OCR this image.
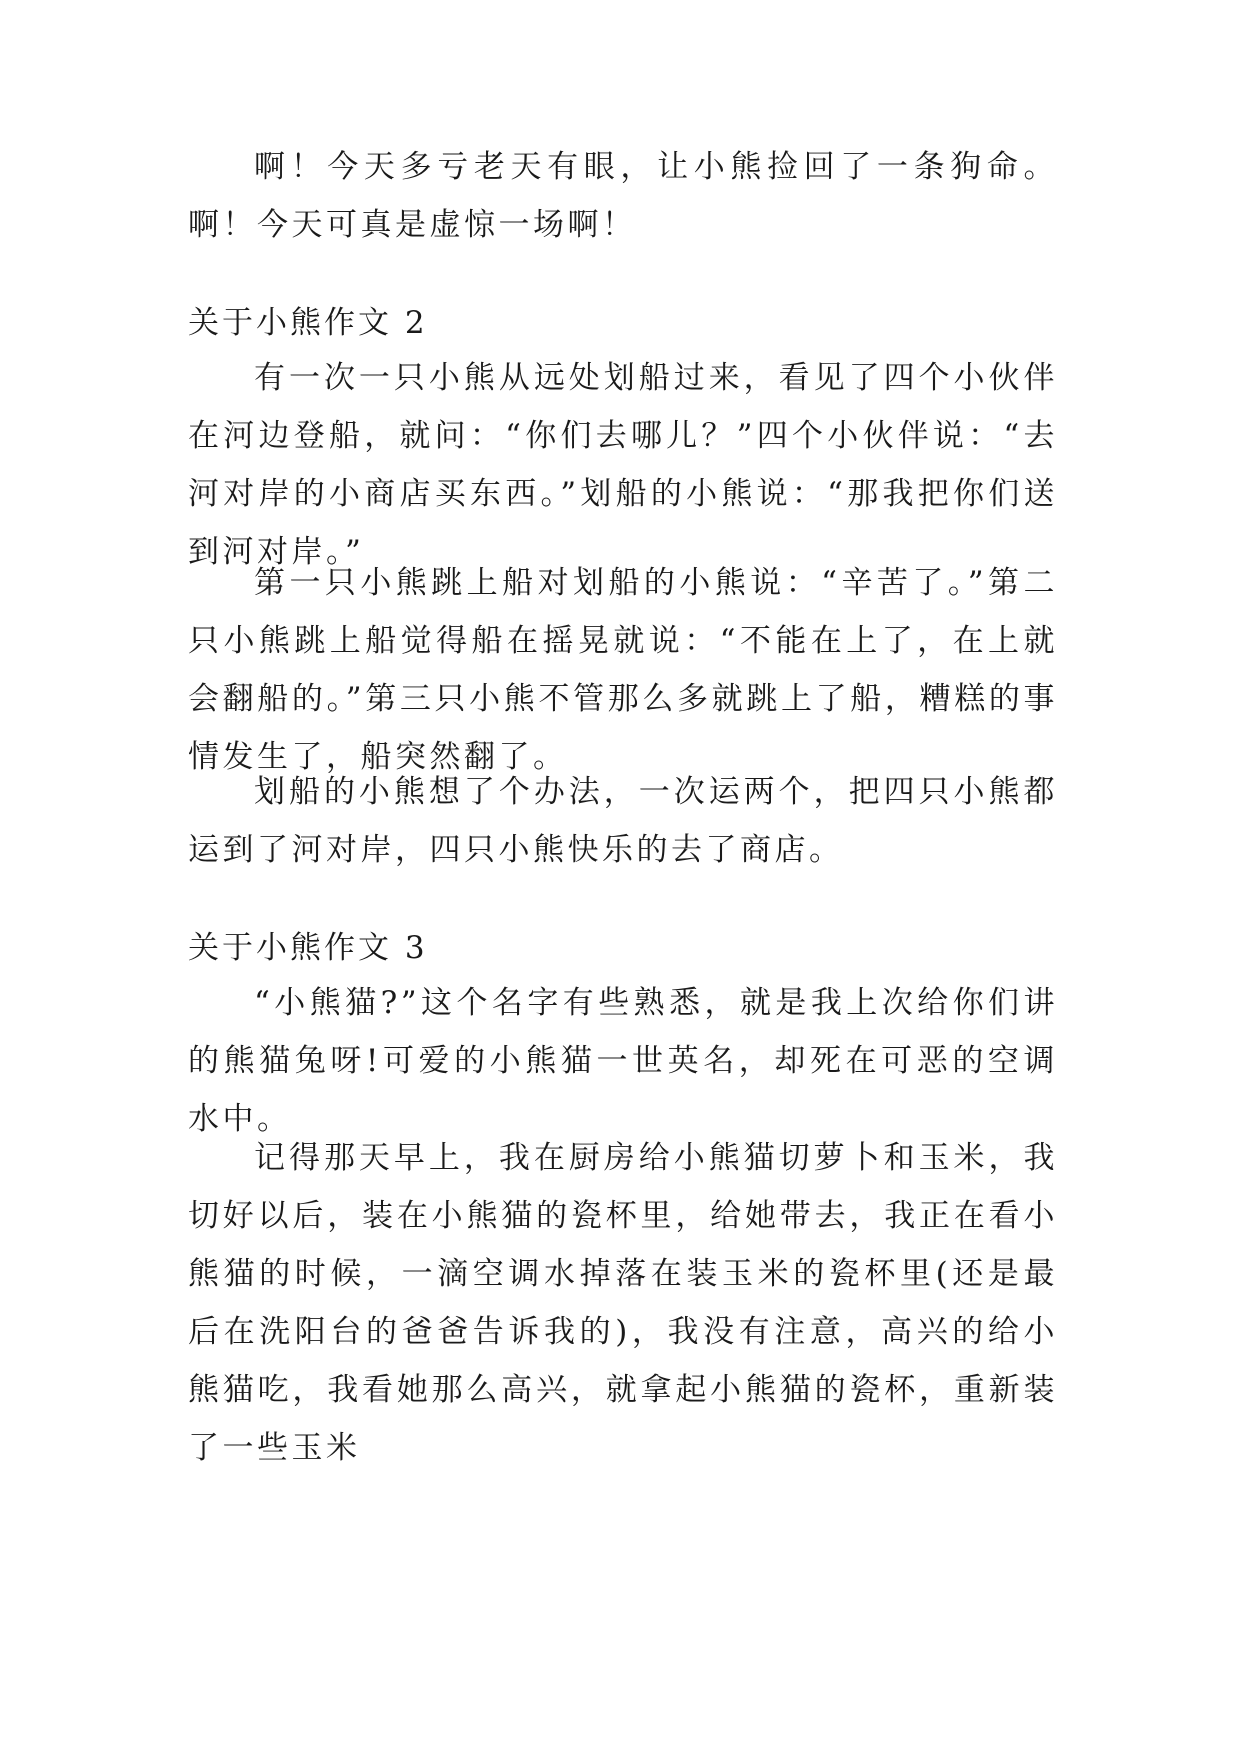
啊！今天多亏老天有眼，让小熊捡回了一条狗命。啊！今天可真是虚惊一场啊！

关于小熊作文 2

有一次一只小熊从远处划船过来，看见了四个小伙伴在河边登船，就问：“你们去哪儿？”四个小伙伴说：“去河对岸的小商店买东西。”划船的小熊说：“那我把你们送到河对岸。”

第一只小熊跳上船对划船的小熊说：“辛苦了。”第二只小熊跳上船觉得船在摇晃就说：“不能在上了，在上就会翻船的。”第三只小熊不管那么多就跳上了船，糟糕的事情发生了，船突然翻了。

划船的小熊想了个办法，一次运两个，把四只小熊都运到了河对岸，四只小熊快乐的去了商店。

关于小熊作文 3

“小熊猫?”这个名字有些熟悉，就是我上次给你们讲的熊猫兔呀!可爱的小熊猫一世英名，却死在可恶的空调水中。

记得那天早上，我在厨房给小熊猫切萝卜和玉米，我切好以后，装在小熊猫的瓷杯里，给她带去，我正在看小熊猫的时候，一滴空调水掉落在装玉米的瓷杯里(还是最后在洗阳台的爸爸告诉我的)，我没有注意，高兴的给小熊猫吃，我看她那么高兴，就拿起小熊猫的瓷杯，重新装了一些玉米
